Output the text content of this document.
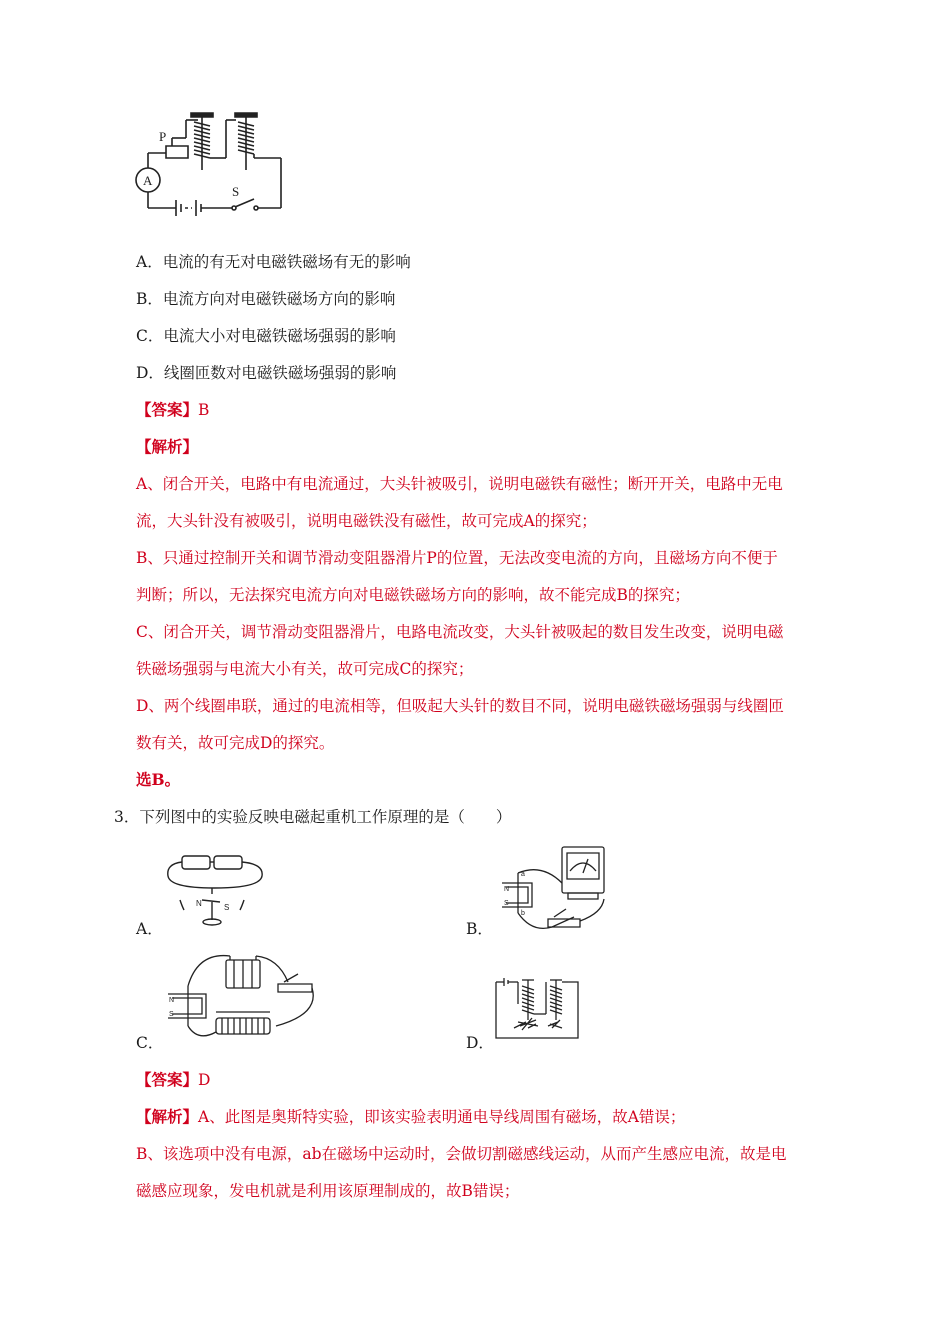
P
A
S
A．电流的有无对电磁铁磁场有无的影响
B．电流方向对电磁铁磁场方向的影响
C．电流大小对电磁铁磁场强弱的影响
D．线圈匝数对电磁铁磁场强弱的影响
【答案】B
【解析】
A、闭合开关，电路中有电流通过，大头针被吸引，说明电磁铁有磁性；断开开关，电路中无电
流，大头针没有被吸引，说明电磁铁没有磁性，故可完成A的探究；
B、只通过控制开关和调节滑动变阻器滑片P的位置，无法改变电流的方向，且磁场方向不便于
判断；所以，无法探究电流方向对电磁铁磁场方向的影响，故不能完成B的探究；
C、闭合开关，调节滑动变阻器滑片，电路电流改变，大头针被吸起的数目发生改变，说明电磁
铁磁场强弱与电流大小有关，故可完成C的探究；
D、两个线圈串联，通过的电流相等，但吸起大头针的数目不同，说明电磁铁磁场强弱与线圈匝
数有关，故可完成D的探究。
选B。
3．下列图中的实验反映电磁起重机工作原理的是（　　）
N	S
A．
a
b
N
S
B．
N
S
C．	D．
【答案】D
【解析】A、此图是奥斯特实验，即该实验表明通电导线周围有磁场，故A错误；
B、该选项中没有电源，ab在磁场中运动时，会做切割磁感线运动，从而产生感应电流，故是电
磁感应现象，发电机就是利用该原理制成的，故B错误；
